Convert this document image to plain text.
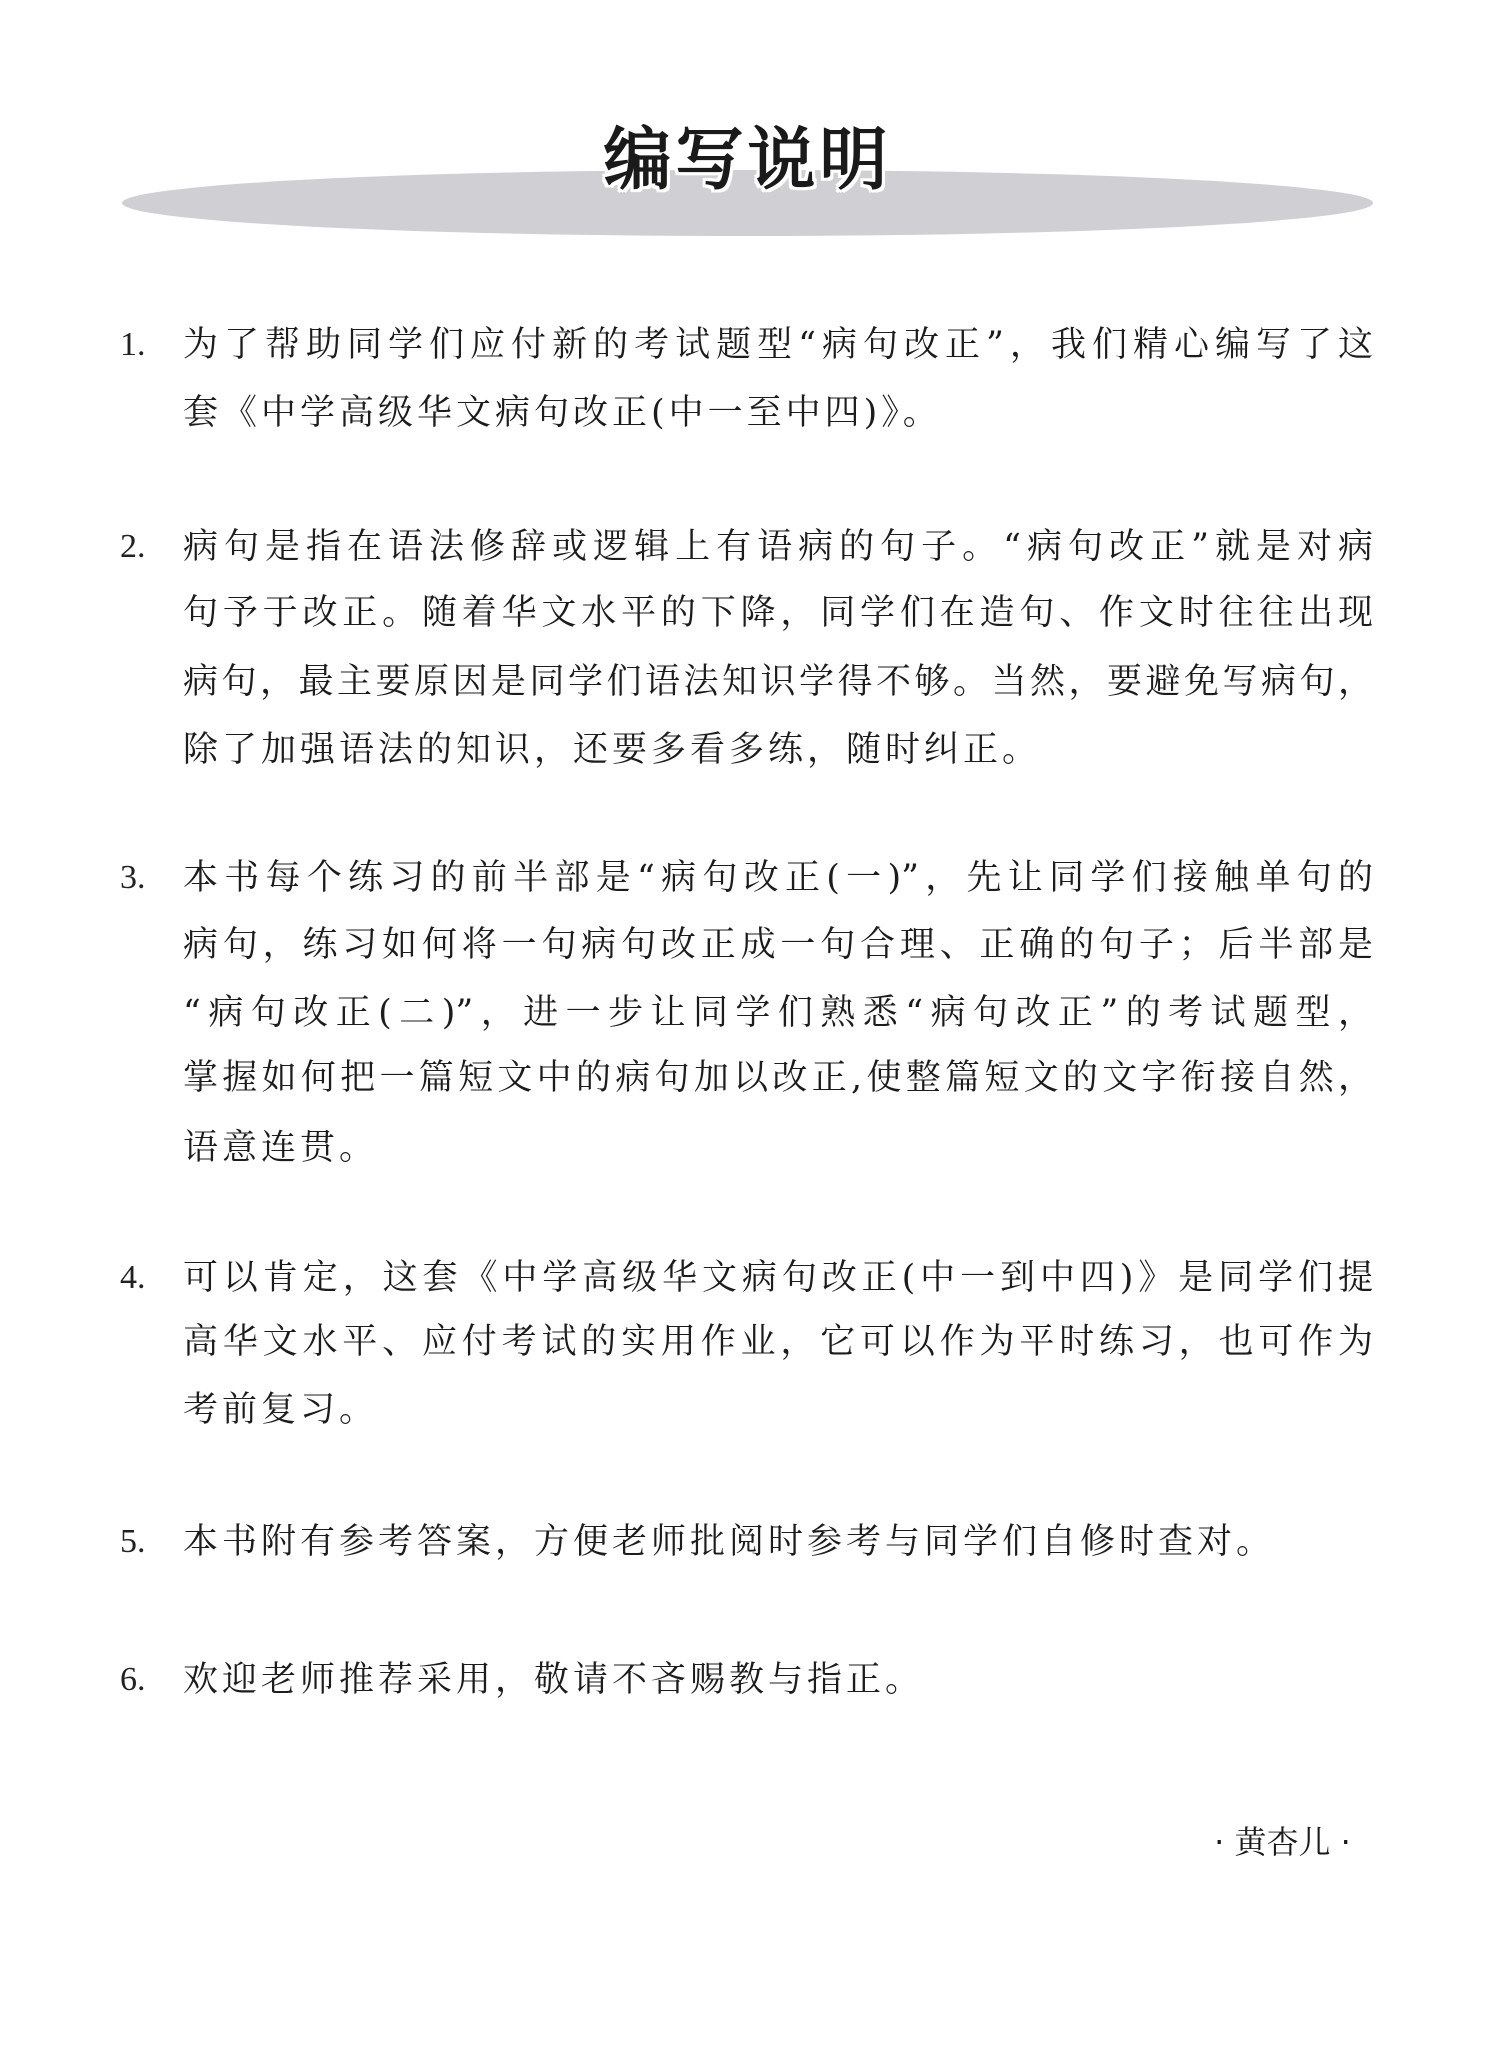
编写说明
1.	为​了​帮​助​同​学​们​应​付​新​的​考​试​题​型​“​病​句​改​正​”​，​我​们​精​心​编​写​了​这
套《中学高级华文病句改正(中一至中四)》。
2.	病​句​是​指​在​语​法​修​辞​或​逻​辑​上​有​语​病​的​句​子​。​“​病​句​改​正​”​就​是​对​病
句​予​于​改​正​。​随​着​华​文​水​平​的​下​降​，​同​学​们​在​造​句​、​作​文​时​往​往​出​现
病​句​，​最​主​要​原​因​是​同​学​们​语​法​知​识​学​得​不​够​。​当​然​，​要​避​免​写​病​句​，
除了加强语法的知识，还要多看多练，随时纠正。
3.	本​书​每​个​练​习​的​前​半​部​是​“​病​句​改​正​(​一​)​”​，​先​让​同​学​们​接​触​单​句​的
病​句​，​练​习​如​何​将​一​句​病​句​改​正​成​一​句​合​理​、​正​确​的​句​子​；​后​半​部​是
“​病​句​改​正​(​二​)​”​，​进​一​步​让​同​学​们​熟​悉​“​病​句​改​正​”​的​考​试​题​型​，
掌​握​如​何​把​一​篇​短​文​中​的​病​句​加​以​改​正​,​使​整​篇​短​文​的​文​字​衔​接​自​然​，
语意连贯。
4.	可​以​肯​定​，​这​套​《​中​学​高​级​华​文​病​句​改​正​(​中​一​到​中​四​)​》​是​同​学​们​提
高​华​文​水​平​、​应​付​考​试​的​实​用​作​业​，​它​可​以​作​为​平​时​练​习​，​也​可​作​为
考前复习。
5.	本书附有参考答案，方便老师批阅时参考与同学们自修时查对。
6.	欢迎老师推荐采用，敬请不吝赐教与指正。
· 黄杏儿 ·
